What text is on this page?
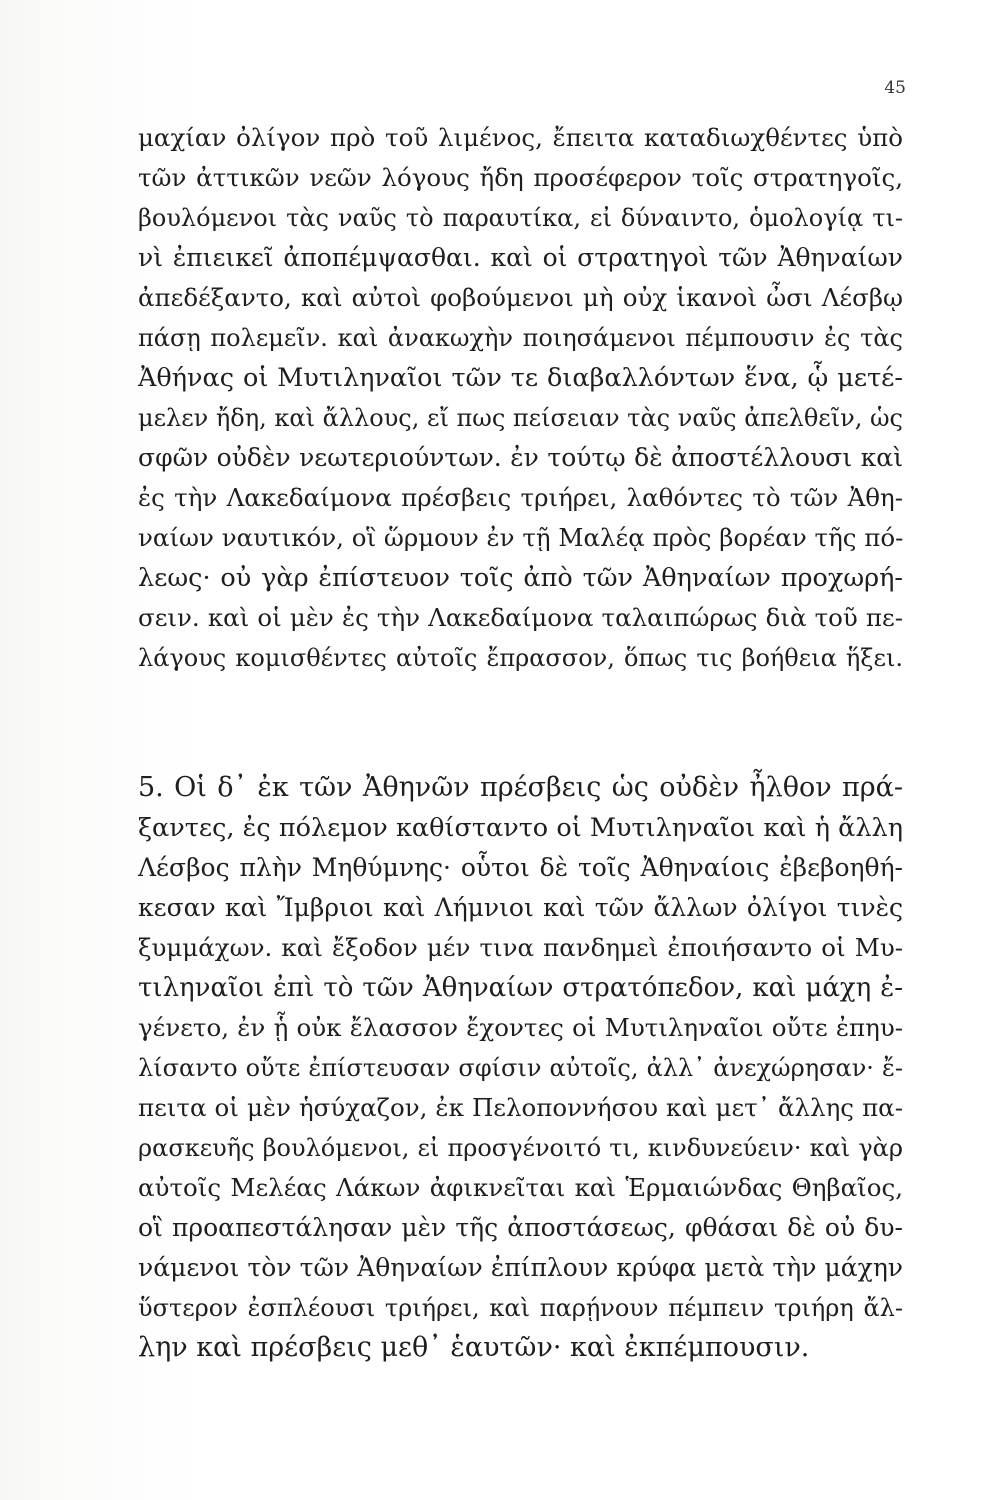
45
μαχίαν ὀλίγον πρὸ τοῦ λιμένος, ἔπειτα καταδιωχθέντες ὑπὸ
τῶν ἀττικῶν νεῶν λόγους ἤδη προσέφερον τοῖς στρατηγοῖς,
βουλόμενοι τὰς ναῦς τὸ παραυτίκα, εἰ δύναιντο, ὁμολογίᾳ τι-
νὶ ἐπιεικεῖ ἀποπέμψασθαι. καὶ οἱ στρατηγοὶ τῶν Ἀθηναίων
ἀπεδέξαντο, καὶ αὐτοὶ φοβούμενοι μὴ οὐχ ἱκανοὶ ὦσι Λέσβῳ
πάσῃ πολεμεῖν. καὶ ἀνακωχὴν ποιησάμενοι πέμπουσιν ἐς τὰς
Ἀθήνας οἱ Μυτιληναῖοι τῶν τε διαβαλλόντων ἕνα, ᾧ μετέ-
μελεν ἤδη, καὶ ἄλλους, εἴ πως πείσειαν τὰς ναῦς ἀπελθεῖν, ὡς
σφῶν οὐδὲν νεωτεριούντων. ἐν τούτῳ δὲ ἀποστέλλουσι καὶ
ἐς τὴν Λακεδαίμονα πρέσβεις τριήρει, λαθόντες τὸ τῶν Ἀθη-
ναίων ναυτικόν, οἳ ὥρμουν ἐν τῇ Μαλέᾳ πρὸς βορέαν τῆς πό-
λεως· οὐ γὰρ ἐπίστευον τοῖς ἀπὸ τῶν Ἀθηναίων προχωρή-
σειν. καὶ οἱ μὲν ἐς τὴν Λακεδαίμονα ταλαιπώρως διὰ τοῦ πε-
λάγους κομισθέντες αὐτοῖς ἔπρασσον, ὅπως τις βοήθεια ἥξει.
5. Οἱ δ᾽ ἐκ τῶν Ἀθηνῶν πρέσβεις ὡς οὐδὲν ἦλθον πρά-
ξαντες, ἐς πόλεμον καθίσταντο οἱ Μυτιληναῖοι καὶ ἡ ἄλλη
Λέσβος πλὴν Μηθύμνης· οὗτοι δὲ τοῖς Ἀθηναίοις ἐβεβοηθή-
κεσαν καὶ Ἴμβριοι καὶ Λήμνιοι καὶ τῶν ἄλλων ὀλίγοι τινὲς
ξυμμάχων. καὶ ἔξοδον μέν τινα πανδημεὶ ἐποιήσαντο οἱ Μυ-
τιληναῖοι ἐπὶ τὸ τῶν Ἀθηναίων στρατόπεδον, καὶ μάχη ἐ-
γένετο, ἐν ᾗ οὐκ ἔλασσον ἔχοντες οἱ Μυτιληναῖοι οὔτε ἐπηυ-
λίσαντο οὔτε ἐπίστευσαν σφίσιν αὐτοῖς, ἀλλ᾽ ἀνεχώρησαν· ἔ-
πειτα οἱ μὲν ἡσύχαζον, ἐκ Πελοποννήσου καὶ μετ᾽ ἄλλης πα-
ρασκευῆς βουλόμενοι, εἰ προσγένοιτό τι, κινδυνεύειν· καὶ γὰρ
αὐτοῖς Μελέας Λάκων ἀφικνεῖται καὶ Ἑρμαιώνδας Θηβαῖος,
οἳ προαπεστάλησαν μὲν τῆς ἀποστάσεως, φθάσαι δὲ οὐ δυ-
νάμενοι τὸν τῶν Ἀθηναίων ἐπίπλουν κρύφα μετὰ τὴν μάχην
ὕστερον ἐσπλέουσι τριήρει, καὶ παρῄνουν πέμπειν τριήρη ἄλ-
λην καὶ πρέσβεις μεθ᾽ ἑαυτῶν· καὶ ἐκπέμπουσιν.
